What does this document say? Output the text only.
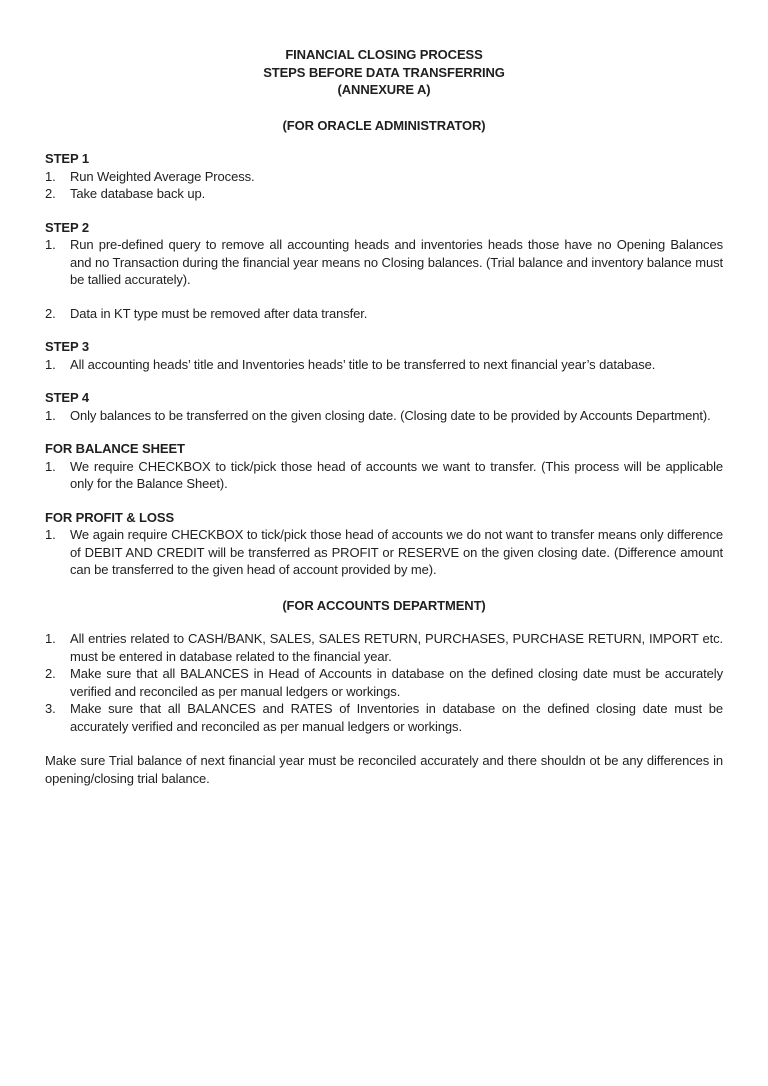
FINANCIAL CLOSING PROCESS
STEPS BEFORE DATA TRANSFERRING
(ANNEXURE A)
(FOR ORACLE ADMINISTRATOR)
STEP 1
1.	Run Weighted Average Process.
2.	Take database back up.
STEP 2
1.	Run pre-defined query to remove all accounting heads and inventories heads those have no Opening Balances and no Transaction during the financial year means no Closing balances. (Trial balance and inventory balance must be tallied accurately).
2.	Data in KT type must be removed after data transfer.
STEP 3
1.	All accounting heads’ title and Inventories heads’ title to be transferred to next financial year’s database.
STEP 4
1.	Only balances to be transferred on the given closing date. (Closing date to be provided by Accounts Department).
FOR BALANCE SHEET
1.	We require CHECKBOX to tick/pick those head of accounts we want to transfer. (This process will be applicable only for the Balance Sheet).
FOR PROFIT & LOSS
1.	We again require CHECKBOX to tick/pick those head of accounts we do not want to transfer means only difference of DEBIT AND CREDIT will be transferred as PROFIT or RESERVE on the given closing date. (Difference amount can be transferred to the given head of account provided by me).
(FOR ACCOUNTS DEPARTMENT)
1.	All entries related to CASH/BANK, SALES, SALES RETURN, PURCHASES, PURCHASE RETURN, IMPORT etc. must be entered in database related to the financial year.
2.	Make sure that all BALANCES in Head of Accounts in database on the defined closing date must be accurately verified and reconciled as per manual ledgers or workings.
3.	Make sure that all BALANCES and RATES of Inventories in database on the defined closing date must be accurately verified and reconciled as per manual ledgers or workings.
Make sure Trial balance of next financial year must be reconciled accurately and there shouldn ot be any differences in opening/closing trial balance.
